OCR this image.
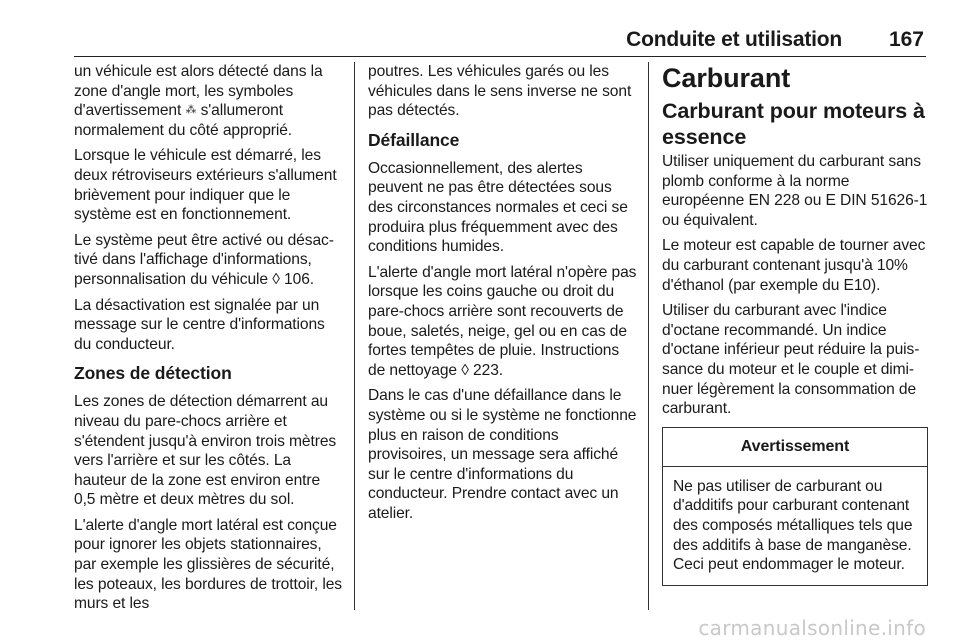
Conduite et utilisation 167

un véhicule est alors détecté dans la zone d'angle mort, les symboles d'avertissement ⁂ s'allumeront normalement du côté approprié.

Lorsque le véhicule est démarré, les deux rétroviseurs extérieurs s'allument brièvement pour indiquer que le système est en fonctionnement.

Le système peut être activé ou désactivé dans l'affichage d'informations, personnalisation du véhicule ◊ 106.

La désactivation est signalée par un message sur le centre d'informations du conducteur.

Zones de détection

Les zones de détection démarrent au niveau du pare-chocs arrière et s'étendent jusqu'à environ trois mètres vers l'arrière et sur les côtés. La hauteur de la zone est environ entre 0,5 mètre et deux mètres du sol.

L'alerte d'angle mort latéral est conçue pour ignorer les objets stationnaires, par exemple les glissières de sécurité, les poteaux, les bordures de trottoir, les murs et les

poutres. Les véhicules garés ou les véhicules dans le sens inverse ne sont pas détectés.

Défaillance

Occasionnellement, des alertes peuvent ne pas être détectées sous des circonstances normales et ceci se produira plus fréquemment avec des conditions humides.

L'alerte d'angle mort latéral n'opère pas lorsque les coins gauche ou droit du pare-chocs arrière sont recouverts de boue, saletés, neige, gel ou en cas de fortes tempêtes de pluie. Instructions de nettoyage ◊ 223.

Dans le cas d'une défaillance dans le système ou si le système ne fonctionne plus en raison de conditions provisoires, un message sera affiché sur le centre d'informations du conducteur. Prendre contact avec un atelier.

Carburant
Carburant pour moteurs à essence

Utiliser uniquement du carburant sans plomb conforme à la norme européenne EN 228 ou E DIN 51626-1 ou équivalent.

Le moteur est capable de tourner avec du carburant contenant jusqu'à 10% d'éthanol (par exemple du E10).

Utiliser du carburant avec l'indice d'octane recommandé. Un indice d'octane inférieur peut réduire la puissance du moteur et le couple et diminuer légèrement la consommation de carburant.

Avertissement

Ne pas utiliser de carburant ou d'additifs pour carburant contenant des composés métalliques tels que des additifs à base de manganèse. Ceci peut endommager le moteur.

carmanualsonline.info
